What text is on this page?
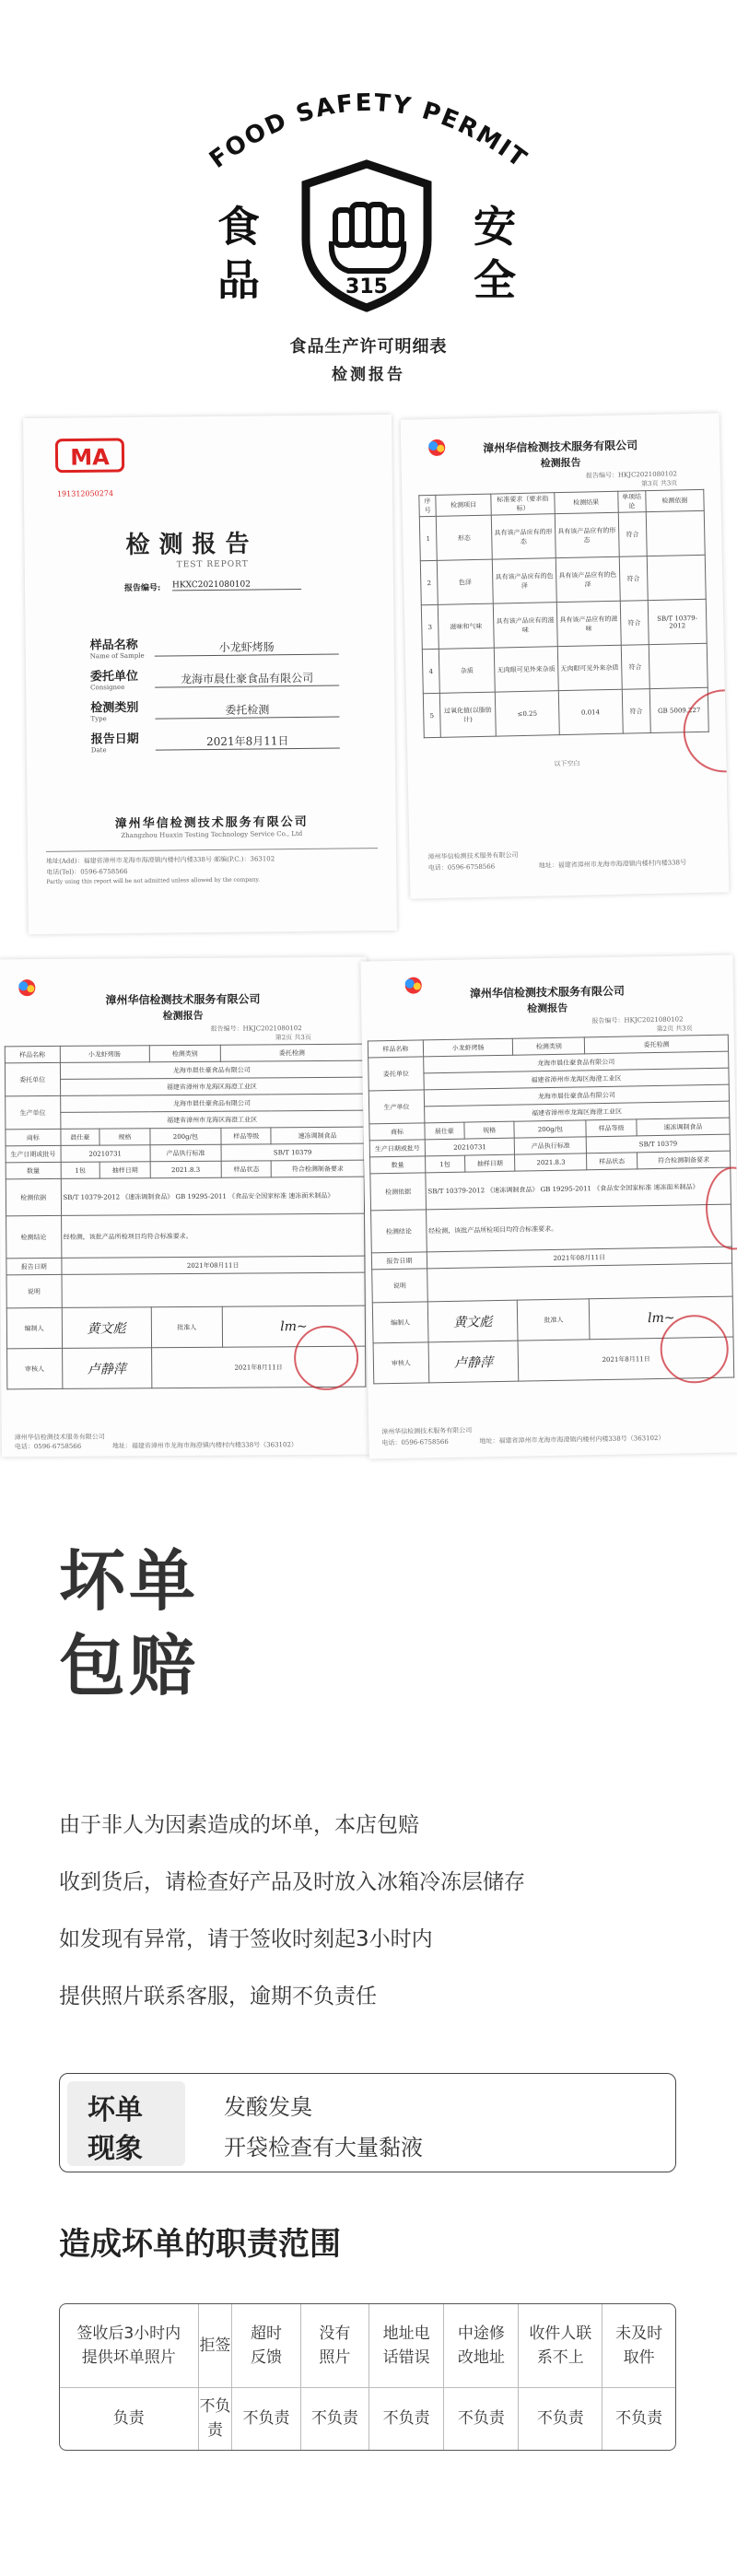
FOOD SAFETY PERMIT
食
品
安
全
315
食品生产许可明细表
检测报告
MA
191312050274
检测报告
TEST REPORT
报告编号: HKXC2021080102
样品名称
Name of Sample
小龙虾烤肠
委托单位
Consignee
龙海市晨仕豪食品有限公司
检测类别
Type
委托检测
报告日期
Date
2021年8月11日
漳州华信检测技术服务有限公司
Zhangzhou Huaxin Testing Technology Service Co., Ltd
地址(Add)：福建省漳州市龙海市海澄镇内楼村内楼338号 邮编(P.C.)：363102
电话(Tel)：0596-6758566
Partly using this report will be not admitted unless allowed by the company.
漳州华信检测技术服务有限公司
检测报告
报告编号：HKJC2021080102
第3页 共3页
序号	检测项目	标准要求（要求指标）	检测结果	单项结论	检测依据
1	形态	具有该产品应有的形态	具有该产品应有的形态	符合	
2	色泽	具有该产品应有的色泽	具有该产品应有的色泽	符合	
3	滋味和气味	具有该产品应有的滋味	具有该产品应有的滋味	符合	SB/T 10379-2012
4	杂质	无肉眼可见外来杂质	无肉眼可见外来杂质	符合	
5	过氧化值(以脂肪计)	≤0.25	0.014	符合	GB 5009.227
以下空白
漳州华信检测技术服务有限公司
电话：0596-6758566	地址：福建省漳州市龙海市海澄镇内楼村内楼338号
漳州华信检测技术服务有限公司
检测报告
报告编号：HKJC2021080102
第2页 共3页
样品名称	小龙虾烤肠		检测类别	委托检测	
委托单位	龙海市晨仕豪食品有限公司				
	福建省漳州市龙海区海澄工业区				
生产单位	龙海市晨仕豪食品有限公司				
	福建省漳州市龙海区海澄工业区				
商标	晨仕豪	规格	200g/包	样品等级	速冻调制食品
生产日期或批号	20210731		产品执行标准	SB/T 10379	
数量	1包	抽样日期	2021.8.3	样品状态	符合检测制备要求
检测依据	SB/T 10379-2012 《速冻调制食品》 GB 19295-2011 《食品安全国家标准 速冻面米制品》				
检测结论	经检测，该批产品所检项目均符合标准要求。				
报告日期	2021年08月11日				
说明					
编制人	黄文彪		批准人	lm~	
审核人	卢静萍		2021年8月11日		
漳州华信检测技术服务有限公司
地址：福建省漳州市龙海市海澄镇内楼村内楼338号（363102）
电话：0596-6758566
漳州华信检测技术服务有限公司
检测报告
报告编号：HKJC2021080102
第2页 共3页
样品名称	小龙虾烤肠		检测类别	委托检测	
委托单位	龙海市晨仕豪食品有限公司				
	福建省漳州市龙海区海澄工业区				
生产单位	龙海市晨仕豪食品有限公司				
	福建省漳州市龙海区海澄工业区				
商标	晨仕豪	规格	200g/包	样品等级	速冻调制食品
生产日期或批号	20210731		产品执行标准	SB/T 10379	
数量	1包	抽样日期	2021.8.3	样品状态	符合检测制备要求
检测依据	SB/T 10379-2012 《速冻调制食品》 GB 19295-2011 《食品安全国家标准 速冻面米制品》				
检测结论	经检测，该批产品所检项目均符合标准要求。				
报告日期	2021年08月11日				
说明					
编制人	黄文彪		批准人	lm~	
审核人	卢静萍		2021年8月11日		
漳州华信检测技术服务有限公司
地址：福建省漳州市龙海市海澄镇内楼村内楼338号（363102）
电话：0596-6758566
坏单
包赔
由于非人为因素造成的坏单，本店包赔
收到货后，请检查好产品及时放入冰箱冷冻层储存
如发现有异常，请于签收时刻起3小时内
提供照片联系客服，逾期不负责任
坏单
现象
发酸发臭
开袋检查有大量黏液
造成坏单的职责范围
签收后3小时内提供坏单照片	拒签	超时反馈	没有照片	地址电话错误	中途修改地址	收件人联系不上	未及时取件
负责	不负责	不负责	不负责	不负责	不负责	不负责	不负责
